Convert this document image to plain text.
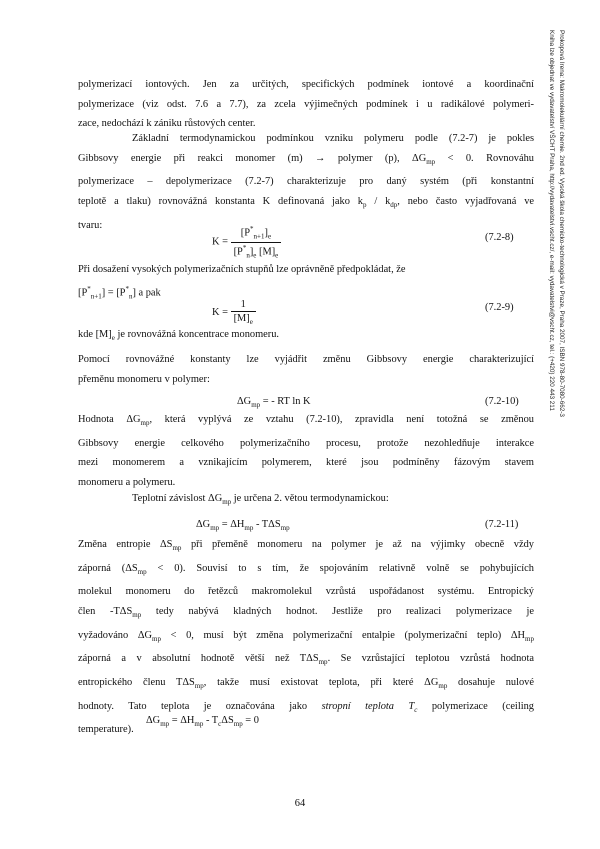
polymerizací iontových. Jen za určitých, specifických podmínek iontové a koordinační
polymerizace (viz odst. 7.6 a 7.7), za zcela výjimečných podmínek i u radikálové polymeri-
zace, nedochází k zániku růstových center.
Základní termodynamickou podmínkou vzniku polymeru podle (7.2-7) je pokles
Gibbsovy energie při reakci monomer (m) → polymer (p), $\Delta G_{mp} < 0$. Rovnováhu
polymerizace – depolymerizace (7.2-7) charakterizuje pro daný systém (při konstantní
teplotě a tlaku) rovnovážná konstanta K definovaná jako $k_p / k_{dp}$, nebo často vyjadřovaná ve
tvaru:
$K = \frac{[P^*_{n+1}]_e}{[P^*_n]_e [M]_e}$	(7.2-8)
Při dosažení vysokých polymerizačních stupňů lze oprávněně předpokládat, že
$[P^*_{n+1}] = [P^*_n]$ a pak
$K = \frac{1}{[M]_e}$	(7.2-9)
kde $[M]_e$ je rovnovážná koncentrace monomeru.
Pomocí rovnovážné konstanty lze vyjádřit změnu Gibbsovy energie charakterizující
přeměnu monomeru v polymer:
$\Delta G_{mp}$ = - RT ln K	(7.2-10)
Hodnota $\Delta G_{mp}$, která vyplývá ze vztahu (7.2-10), zpravidla není totožná se změnou
Gibbsovy energie celkového polymerizačního procesu, protože nezohledňuje interakce
mezi monomerem a vznikajícím polymerem, které jsou podmíněny fázovým stavem
monomeru a polymeru.
Teplotní závislost $\Delta G_{mp}$ je určena 2. větou termodynamickou:
$\Delta G_{mp} = \Delta H_{mp} - T\Delta S_{mp}$	(7.2-11)
Změna entropie $\Delta S_{mp}$ při přeměně monomeru na polymer je až na výjimky obecně vždy
záporná $(\Delta S_{mp} < 0)$. Souvisí to s tím, že spojováním relativně volně se pohybujících
molekul monomeru do řetězců makromolekul vzrůstá uspořádanost systému. Entropický
člen $-T\Delta S_{mp}$ tedy nabývá kladných hodnot. Jestliže pro realizaci polymerizace je
vyžadováno $\Delta G_{mp} < 0$, musí být změna polymerizační entalpie (polymerizační teplo) $\Delta H_{mp}$
záporná a v absolutní hodnotě větší než $T\Delta S_{mp}$. Se vzrůstající teplotou vzrůstá hodnota
entropického členu $T\Delta S_{mp}$, takže musí existovat teplota, při které $\Delta G_{mp}$ dosahuje nulové
hodnoty. Tato teplota je označována jako stropní teplota $T_c$ polymerizace (ceiling
temperature).
$\Delta G_{mp} = \Delta H_{mp} - T_c\Delta S_{mp} = 0$
64
Prokopová Irena: Makromolekulární chemie. 2nd ed. Vysoká škola chemicko-technologická v Praze, Praha 2007, ISBN 978-80-7080-662-3
Kniha lze objednat ve vydavatelství VŠCHT Praha, http://vydavatelstvi.vscht.cz/, e-mail: vydavatelstvi@vscht.cz, tel.: (+420) 220 443 211
